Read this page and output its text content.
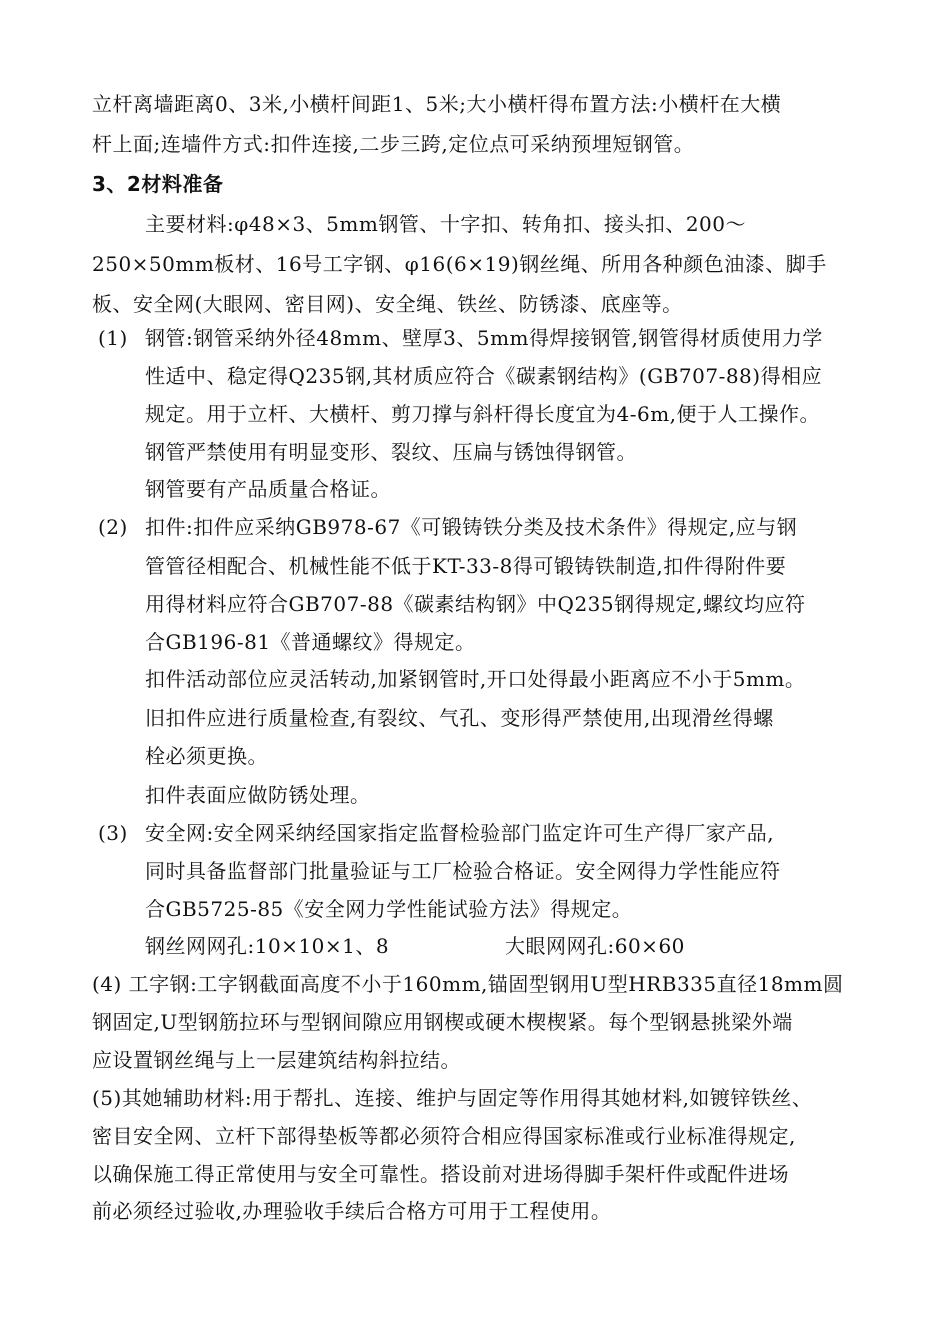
立杆离墙距离0、3米,小横杆间距1、5米;大小横杆得布置方法:小横杆在大横
杆上面;连墙件方式:扣件连接,二步三跨,定位点可采纳预埋短钢管。
3、2材料准备
主要材料:φ48×3、5mm钢管、十字扣、转角扣、接头扣、200～
250×50mm板材、16号工字钢、φ16(6×19)钢丝绳、所用各种颜色油漆、脚手
板、安全网(大眼网、密目网)、安全绳、铁丝、防锈漆、底座等。
(1) 钢管:钢管采纳外径48mm、壁厚3、5mm得焊接钢管,钢管得材质使用力学
性适中、稳定得Q235钢,其材质应符合《碳素钢结构》(GB707-88)得相应
规定。用于立杆、大横杆、剪刀撑与斜杆得长度宜为4-6m,便于人工操作。
钢管严禁使用有明显变形、裂纹、压扁与锈蚀得钢管。
钢管要有产品质量合格证。
(2) 扣件:扣件应采纳GB978-67《可锻铸铁分类及技术条件》得规定,应与钢
管管径相配合、机械性能不低于KT-33-8得可锻铸铁制造,扣件得附件要
用得材料应符合GB707-88《碳素结构钢》中Q235钢得规定,螺纹均应符
合GB196-81《普通螺纹》得规定。
扣件活动部位应灵活转动,加紧钢管时,开口处得最小距离应不小于5mm。
旧扣件应进行质量检查,有裂纹、气孔、变形得严禁使用,出现滑丝得螺
栓必须更换。
扣件表面应做防锈处理。
(3) 安全网:安全网采纳经国家指定监督检验部门监定许可生产得厂家产品,
同时具备监督部门批量验证与工厂检验合格证。安全网得力学性能应符
合GB5725-85《安全网力学性能试验方法》得规定。
钢丝网网孔:10×10×1、8	大眼网网孔:60×60
(4) 工字钢:工字钢截面高度不小于160mm,锚固型钢用U型HRB335直径18mm圆
钢固定,U型钢筋拉环与型钢间隙应用钢楔或硬木楔楔紧。每个型钢悬挑梁外端
应设置钢丝绳与上一层建筑结构斜拉结。
(5)其她辅助材料:用于帮扎、连接、维护与固定等作用得其她材料,如镀锌铁丝、
密目安全网、立杆下部得垫板等都必须符合相应得国家标准或行业标准得规定,
以确保施工得正常使用与安全可靠性。搭设前对进场得脚手架杆件或配件进场
前必须经过验收,办理验收手续后合格方可用于工程使用。
